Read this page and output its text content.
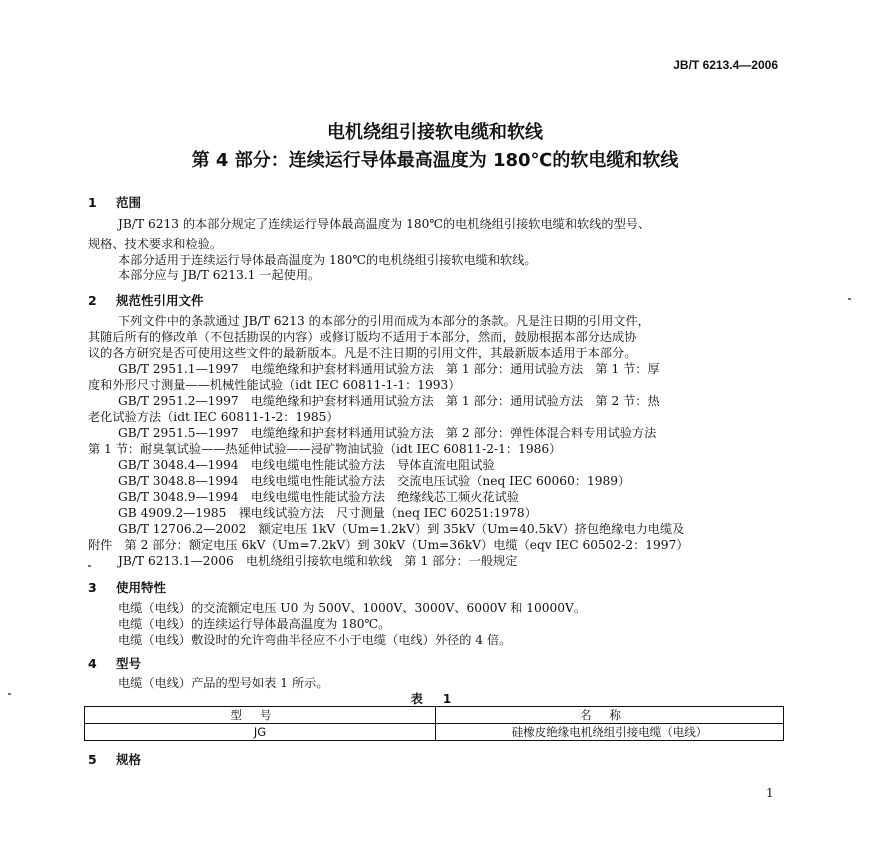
JB/T 6213.4—2006
电机绕组引接软电缆和软线
第 4 部分：连续运行导体最高温度为 180℃的软电缆和软线
1 范围
JB/T 6213 的本部分规定了连续运行导体最高温度为 180℃的电机绕组引接软电缆和软线的型号、
规格、技术要求和检验。
本部分适用于连续运行导体最高温度为 180℃的电机绕组引接软电缆和软线。
本部分应与 JB/T 6213.1 一起使用。
2 规范性引用文件
下列文件中的条款通过 JB/T 6213 的本部分的引用而成为本部分的条款。凡是注日期的引用文件，
其随后所有的修改单（不包括勘误的内容）或修订版均不适用于本部分，然而，鼓励根据本部分达成协
议的各方研究是否可使用这些文件的最新版本。凡是不注日期的引用文件，其最新版本适用于本部分。
GB/T 2951.1—1997　电缆绝缘和护套材料通用试验方法　第 1 部分：通用试验方法　第 1 节：厚
度和外形尺寸测量——机械性能试验（idt IEC 60811-1-1：1993）
GB/T 2951.2—1997　电缆绝缘和护套材料通用试验方法　第 1 部分：通用试验方法　第 2 节：热
老化试验方法（idt IEC 60811-1-2：1985）
GB/T 2951.5—1997　电缆绝缘和护套材料通用试验方法　第 2 部分：弹性体混合料专用试验方法
第 1 节：耐臭氧试验——热延伸试验——浸矿物油试验（idt IEC 60811-2-1：1986）
GB/T 3048.4—1994　电线电缆电性能试验方法　导体直流电阻试验
GB/T 3048.8—1994　电线电缆电性能试验方法　交流电压试验（neq IEC 60060：1989）
GB/T 3048.9—1994　电线电缆电性能试验方法　绝缘线芯工频火花试验
GB 4909.2—1985　裸电线试验方法　尺寸测量（neq IEC 60251:1978）
GB/T 12706.2—2002　额定电压 1kV（Um=1.2kV）到 35kV（Um=40.5kV）挤包绝缘电力电缆及
附件　第 2 部分：额定电压 6kV（Um=7.2kV）到 30kV（Um=36kV）电缆（eqv IEC 60502-2：1997）
JB/T 6213.1—2006　电机绕组引接软电缆和软线　第 1 部分：一般规定
3 使用特性
电缆（电线）的交流额定电压 U0 为 500V、1000V、3000V、6000V 和 10000V。
电缆（电线）的连续运行导体最高温度为 180℃。
电缆（电线）敷设时的允许弯曲半径应不小于电缆（电线）外径的 4 倍。
4 型号
电缆（电线）产品的型号如表 1 所示。
表 1
型号	名称
JG	硅橡皮绝缘电机绕组引接电缆（电线）
5 规格
1
